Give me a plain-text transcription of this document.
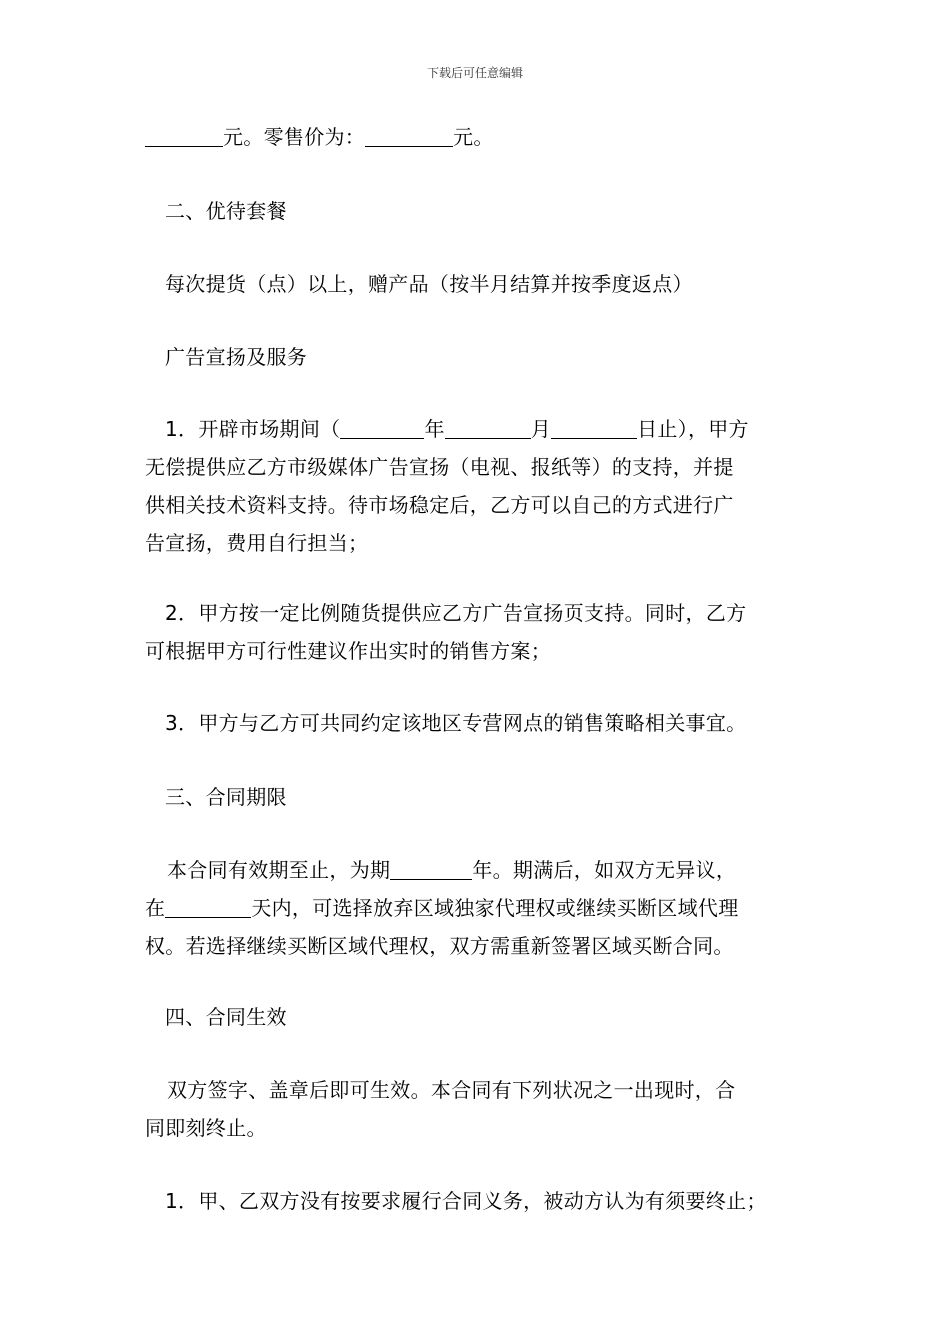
下载后可任意编辑
元。零售价为：	元。
二、优待套餐
每次提货（点）以上，赠产品（按半月结算并按季度返点）
广告宣扬及服务
1．开辟市场期间（	年	月	日止），甲方
无偿提供应乙方市级媒体广告宣扬（电视、报纸等）的支持，并提
供相关技术资料支持。待市场稳定后，乙方可以自己的方式进行广
告宣扬，费用自行担当；
2．甲方按一定比例随货提供应乙方广告宣扬页支持。同时，乙方
可根据甲方可行性建议作出实时的销售方案；
3．甲方与乙方可共同约定该地区专营网点的销售策略相关事宜。
三、合同期限
本合同有效期至止，为期	年。期满后，如双方无异议，
在	天内，可选择放弃区域独家代理权或继续买断区域代理
权。若选择继续买断区域代理权，双方需重新签署区域买断合同。
四、合同生效
双方签字、盖章后即可生效。本合同有下列状况之一出现时，合
同即刻终止。
1．甲、乙双方没有按要求履行合同义务，被动方认为有须要终止；
